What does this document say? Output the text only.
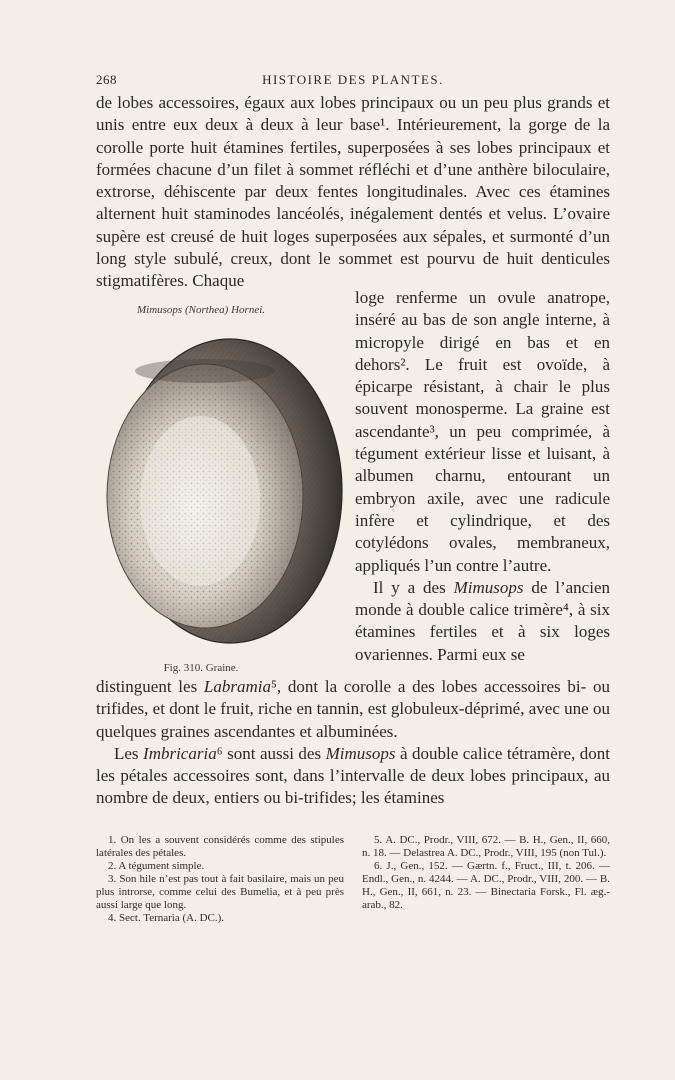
268	HISTOIRE DES PLANTES.

de lobes accessoires, égaux aux lobes principaux ou un peu plus grands et unis entre eux deux à deux à leur base¹. Intérieurement, la gorge de la corolle porte huit étamines fertiles, superposées à ses lobes principaux et formées chacune d’un filet à sommet réfléchi et d’une anthère biloculaire, extrorse, déhiscente par deux fentes longitudinales. Avec ces étamines alternent huit staminodes lancéolés, inégalement dentés et velus. L’ovaire supère est creusé de huit loges superposées aux sépales, et surmonté d’un long style subulé, creux, dont le sommet est pourvu de huit denticules stigmatifères. Chaque

Mimusops (Northea) Hornei.
Fig. 310. Graine.

loge renferme un ovule anatrope, inséré au bas de son angle interne, à micropyle dirigé en bas et en dehors². Le fruit est ovoïde, à épicarpe résistant, à chair le plus souvent monosperme. La graine est ascendante³, un peu comprimée, à tégument extérieur lisse et luisant, à albumen charnu, entourant un embryon axile, avec une radicule infère et cylindrique, et des cotylédons ovales, membraneux, appliqués l’un contre l’autre.

Il y a des Mimusops de l’ancien monde à double calice trimère⁴, à six étamines fertiles et à six loges ovariennes. Parmi eux se

distinguent les Labramia⁵, dont la corolle a des lobes accessoires bi- ou trifides, et dont le fruit, riche en tannin, est globuleux-déprimé, avec une ou quelques graines ascendantes et albuminées.

Les Imbricaria⁶ sont aussi des Mimusops à double calice tétramère, dont les pétales accessoires sont, dans l’intervalle de deux lobes principaux, au nombre de deux, entiers ou bi-trifides; les étamines

1. On les a souvent considérés comme des stipules latérales des pétales.

2. A tégument simple.

3. Son hile n’est pas tout à fait basilaire, mais un peu plus introrse, comme celui des Bumelia, et à peu près aussi large que long.

4. Sect. Ternaria (A. DC.).

5. A. DC., Prodr., VIII, 672. — B. H., Gen., II, 660, n. 18. — Delastrea A. DC., Prodr., VIII, 195 (non Tul.).

6. J., Gen., 152. — Gærtn. f., Fruct., III, t. 206. — Endl., Gen., n. 4244. — A. DC., Prodr., VIII, 200. — B. H., Gen., II, 661, n. 23. — Binectaria Forsk., Fl. æg.-arab., 82.
